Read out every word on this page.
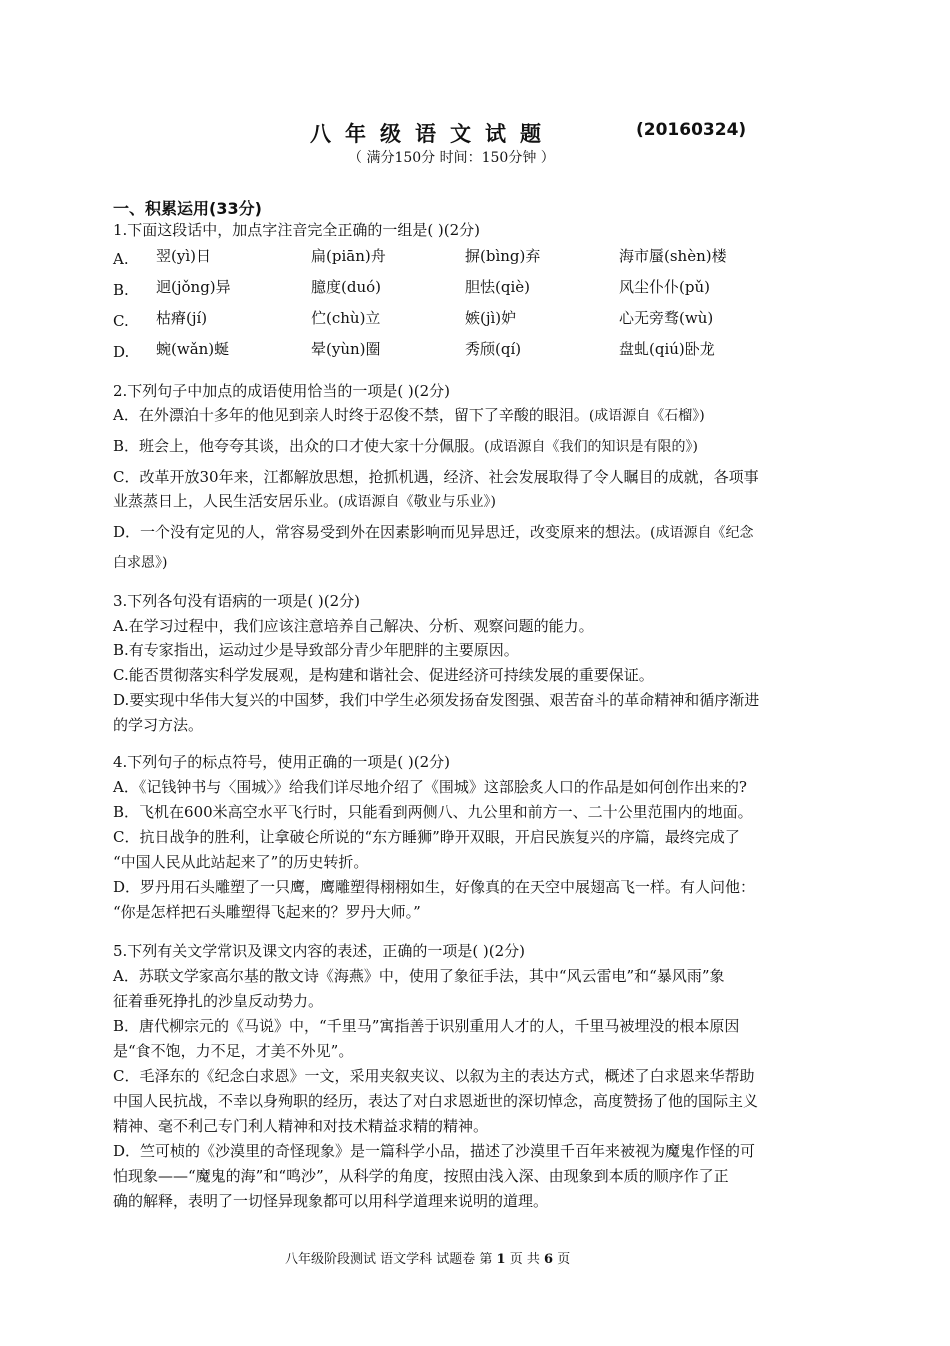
八年级语文试题	(20160324)
（ 满分150分 时间：150分钟 ）
一、积累运用(33分)
1.下面这段话中，加点字注音完全正确的一组是( )(2分)
A. 翌(yì)日	扁(piān)舟	摒(bìng)弃	海市蜃(shèn)楼
B. 迥(jǒng)异	臆度(duó)	胆怯(qiè)	风尘仆仆(pǔ)
C. 枯瘠(jí)	伫(chù)立	嫉(jì)妒	心无旁骛(wù)
D. 蜿(wǎn)蜒	晕(yùn)圈	秀颀(qí)	盘虬(qiú)卧龙
2.下列句子中加点的成语使用恰当的一项是( )(2分)
A．在外漂泊十多年的他见到亲人时终于忍俊不禁，留下了辛酸的眼泪。(成语源自《石榴》)
B．班会上，他夸夸其谈，出众的口才使大家十分佩服。(成语源自《我们的知识是有限的》)
C．改革开放30年来，江都解放思想，抢抓机遇，经济、社会发展取得了令人瞩目的成就，各项事
业蒸蒸日上，人民生活安居乐业。(成语源自《敬业与乐业》)
D．一个没有定见的人，常容易受到外在因素影响而见异思迁，改变原来的想法。(成语源自《纪念
白求恩》)
3.下列各句没有语病的一项是( )(2分)
A.在学习过程中，我们应该注意培养自己解决、分析、观察问题的能力。
B.有专家指出，运动过少是导致部分青少年肥胖的主要原因。
C.能否贯彻落实科学发展观，是构建和谐社会、促进经济可持续发展的重要保证。
D.要实现中华伟大复兴的中国梦，我们中学生必须发扬奋发图强、艰苦奋斗的革命精神和循序渐进
的学习方法。
4.下列句子的标点符号，使用正确的一项是( )(2分)
A．《记钱钟书与〈围城〉》给我们详尽地介绍了《围城》这部脍炙人口的作品是如何创作出来的?
B．飞机在600米高空水平飞行时，只能看到两侧八、九公里和前方一、二十公里范围内的地面。
C．抗日战争的胜利，让拿破仑所说的“东方睡狮”睁开双眼，开启民族复兴的序篇，最终完成了
“中国人民从此站起来了”的历史转折。
D．罗丹用石头雕塑了一只鹰，鹰雕塑得栩栩如生，好像真的在天空中展翅高飞一样。有人问他：
“你是怎样把石头雕塑得飞起来的？罗丹大师。”
5.下列有关文学常识及课文内容的表述，正确的一项是( )(2分)
A．苏联文学家高尔基的散文诗《海燕》中，使用了象征手法，其中“风云雷电”和“暴风雨”象
征着垂死挣扎的沙皇反动势力。
B．唐代柳宗元的《马说》中，“千里马”寓指善于识别重用人才的人，千里马被埋没的根本原因
是“食不饱，力不足，才美不外见”。
C．毛泽东的《纪念白求恩》一文，采用夹叙夹议、以叙为主的表达方式，概述了白求恩来华帮助
中国人民抗战，不幸以身殉职的经历，表达了对白求恩逝世的深切悼念，高度赞扬了他的国际主义
精神、毫不利己专门利人精神和对技术精益求精的精神。
D．竺可桢的《沙漠里的奇怪现象》是一篇科学小品，描述了沙漠里千百年来被视为魔鬼作怪的可
怕现象——“魔鬼的海”和“鸣沙”，从科学的角度，按照由浅入深、由现象到本质的顺序作了正
确的解释，表明了一切怪异现象都可以用科学道理来说明的道理。
八年级阶段测试 语文学科 试题卷 第 1 页 共 6 页
